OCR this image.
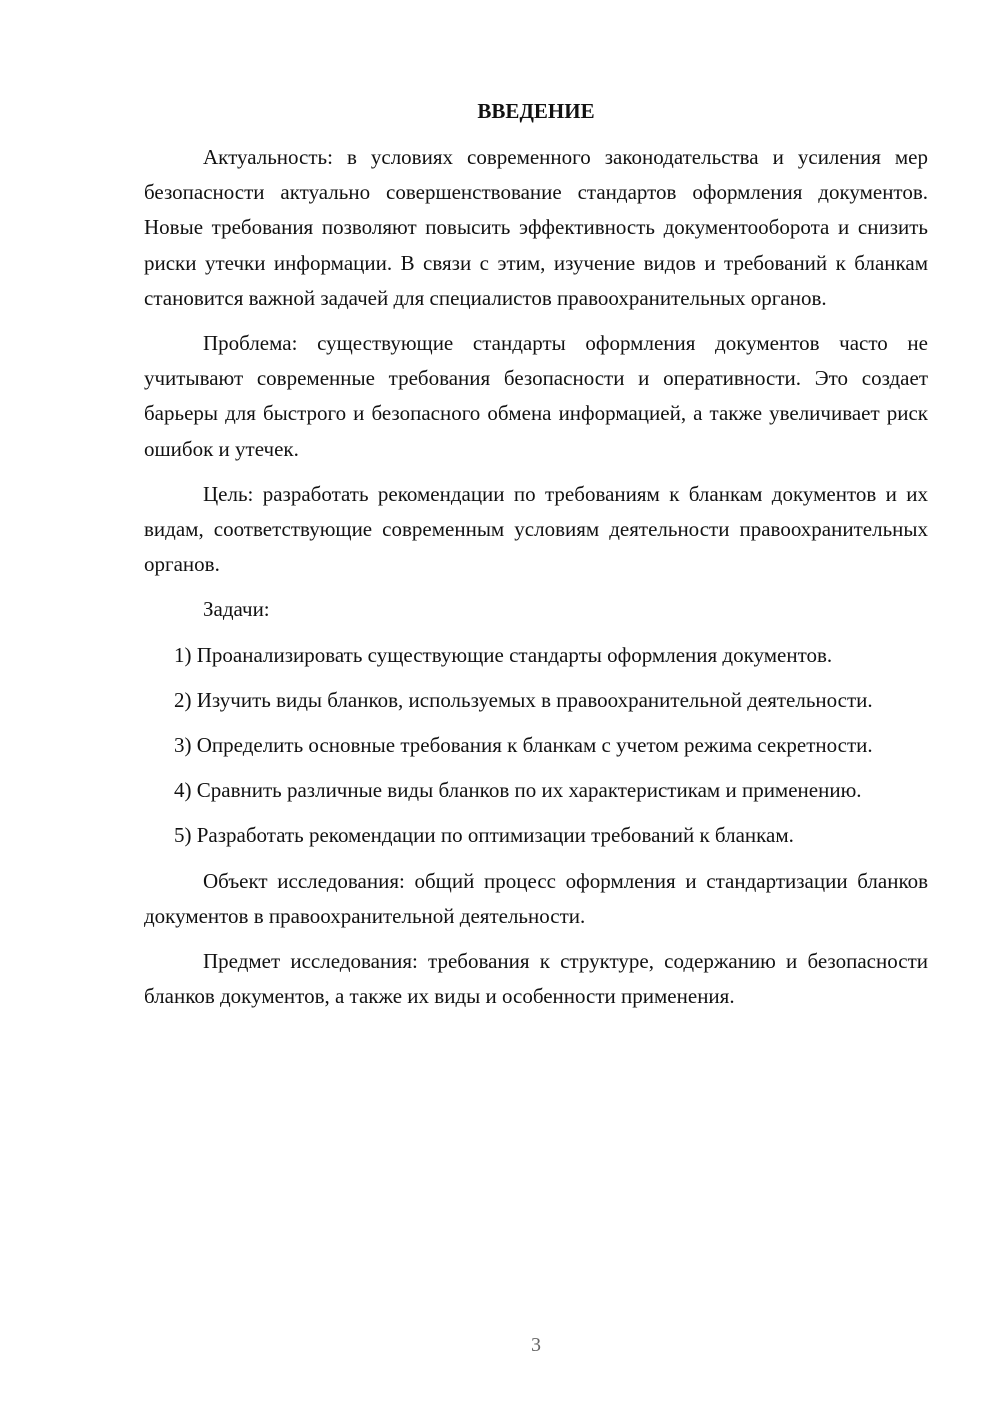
ВВЕДЕНИЕ

Актуальность: в условиях современного законодательства и усиления мер безопасности актуально совершенствование стандартов оформления документов. Новые требования позволяют повысить эффективность документооборота и снизить риски утечки информации. В связи с этим, изучение видов и требований к бланкам становится важной задачей для специалистов правоохранительных органов.

Проблема: существующие стандарты оформления документов часто не учитывают современные требования безопасности и оперативности. Это создает барьеры для быстрого и безопасного обмена информацией, а также увеличивает риск ошибок и утечек.

Цель: разработать рекомендации по требованиям к бланкам документов и их видам, соответствующие современным условиям деятельности правоохранительных органов.

Задачи:

1) Проанализировать существующие стандарты оформления документов.

2) Изучить виды бланков, используемых в правоохранительной деятельности.

3) Определить основные требования к бланкам с учетом режима секретности.

4) Сравнить различные виды бланков по их характеристикам и применению.

5) Разработать рекомендации по оптимизации требований к бланкам.

Объект исследования: общий процесс оформления и стандартизации бланков документов в правоохранительной деятельности.

Предмет исследования: требования к структуре, содержанию и безопасности бланков документов, а также их виды и особенности применения.

3
